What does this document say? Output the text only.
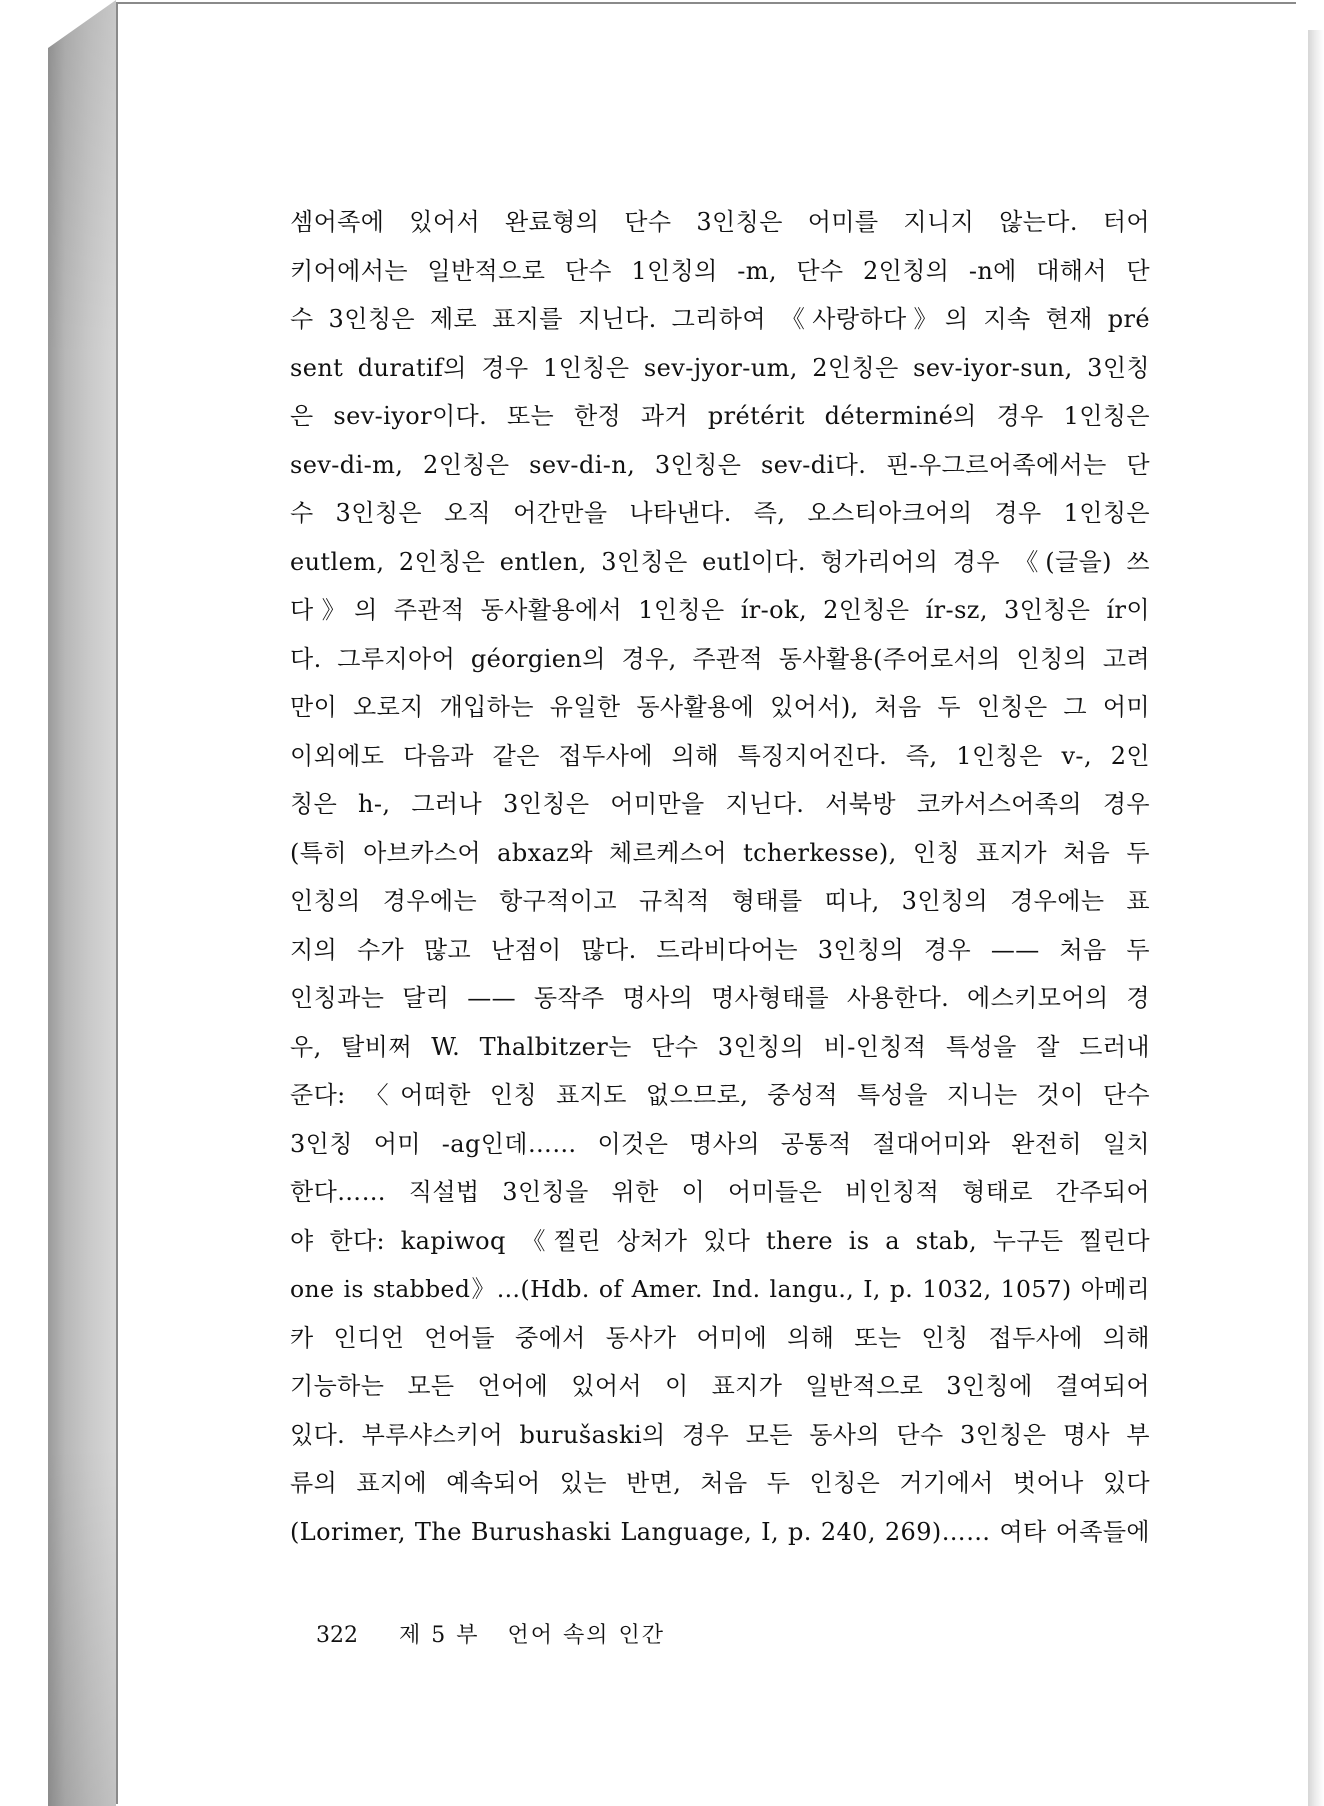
셈어족에 있어서 완료형의 단수 3인칭은 어미를 지니지 않는다. 터어
키어에서는 일반적으로 단수 1인칭의 -m, 단수 2인칭의 -n에 대해서 단
수 3인칭은 제로 표지를 지닌다. 그리하여 《사랑하다》의 지속 현재 pré
sent duratif의 경우 1인칭은 sev-jyor-um, 2인칭은 sev-iyor-sun, 3인칭
은 sev-iyor이다. 또는 한정 과거 prétérit déterminé의 경우 1인칭은
sev-di-m, 2인칭은 sev-di-n, 3인칭은 sev-di다. 핀-우그르어족에서는 단
수 3인칭은 오직 어간만을 나타낸다. 즉, 오스티아크어의 경우 1인칭은
eutlem, 2인칭은 entlen, 3인칭은 eutl이다. 헝가리어의 경우 《(글을) 쓰
다》의 주관적 동사활용에서 1인칭은 ír-ok, 2인칭은 ír-sz, 3인칭은 ír이
다. 그루지아어 géorgien의 경우, 주관적 동사활용(주어로서의 인칭의 고려
만이 오로지 개입하는 유일한 동사활용에 있어서), 처음 두 인칭은 그 어미
이외에도 다음과 같은 접두사에 의해 특징지어진다. 즉, 1인칭은 v-, 2인
칭은 h-, 그러나 3인칭은 어미만을 지닌다. 서북방 코카서스어족의 경우
(특히 아브카스어 abxaz와 체르케스어 tcherkesse), 인칭 표지가 처음 두
인칭의 경우에는 항구적이고 규칙적 형태를 띠나, 3인칭의 경우에는 표
지의 수가 많고 난점이 많다. 드라비다어는 3인칭의 경우 —— 처음 두
인칭과는 달리 —— 동작주 명사의 명사형태를 사용한다. 에스키모어의 경
우, 탈비쩌 W. Thalbitzer는 단수 3인칭의 비-인칭적 특성을 잘 드러내
준다: 〈어떠한 인칭 표지도 없으므로, 중성적 특성을 지니는 것이 단수
3인칭 어미 -ag인데…… 이것은 명사의 공통적 절대어미와 완전히 일치
한다…… 직설법 3인칭을 위한 이 어미들은 비인칭적 형태로 간주되어
야 한다: kapiwoq 《찔린 상처가 있다 there is a stab, 누구든 찔린다
one is stabbed》…(Hdb. of Amer. Ind. langu., I, p. 1032, 1057) 아메리
카 인디언 언어들 중에서 동사가 어미에 의해 또는 인칭 접두사에 의해
기능하는 모든 언어에 있어서 이 표지가 일반적으로 3인칭에 결여되어
있다. 부루샤스키어 burušaski의 경우 모든 동사의 단수 3인칭은 명사 부
류의 표지에 예속되어 있는 반면, 처음 두 인칭은 거기에서 벗어나 있다
(Lorimer, The Burushaski Language, I, p. 240, 269)…… 여타 어족들에
322 제 5 부 언어 속의 인간
